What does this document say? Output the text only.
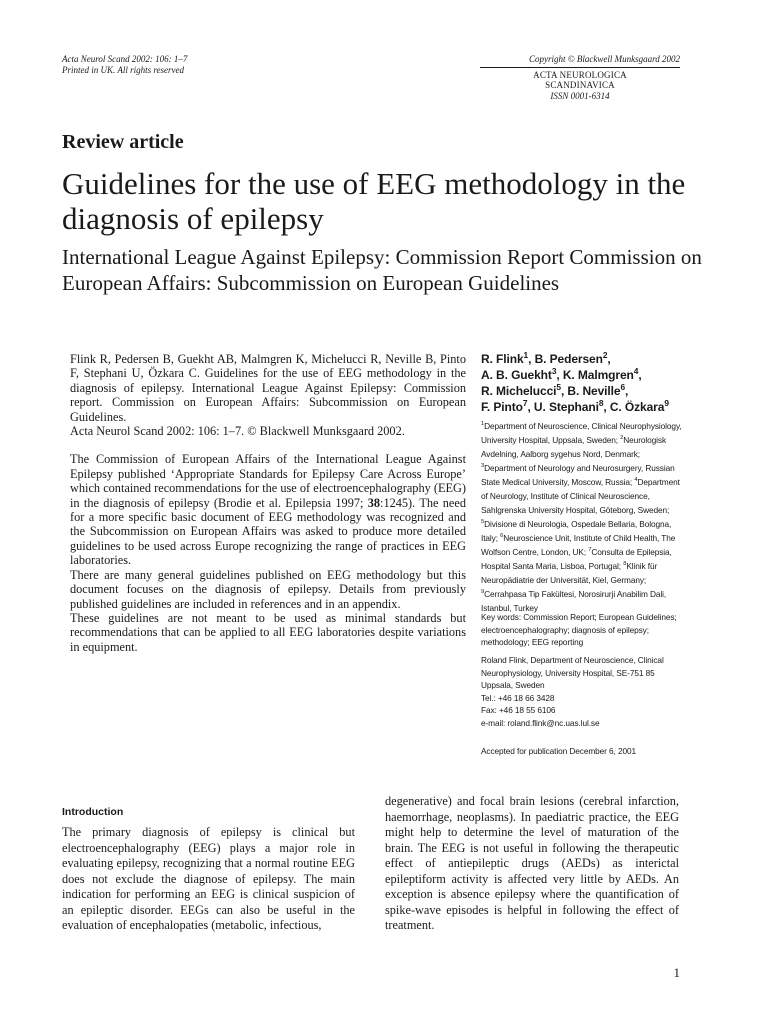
Acta Neurol Scand 2002: 106: 1–7
Printed in UK. All rights reserved
Copyright © Blackwell Munksgaard 2002
ACTA NEUROLOGICA
SCANDINAVICA
ISSN 0001-6314
Review article
Guidelines for the use of EEG methodology in the diagnosis of epilepsy
International League Against Epilepsy: Commission Report Commission on European Affairs: Subcommission on European Guidelines

Flink R, Pedersen B, Guekht AB, Malmgren K, Michelucci R, Neville B, Pinto F, Stephani U, Özkara C. Guidelines for the use of EEG methodology in the diagnosis of epilepsy. International League Against Epilepsy: Commission report. Commission on European Affairs: Subcommission on European Guidelines.

Acta Neurol Scand 2002: 106: 1–7. © Blackwell Munksgaard 2002.

The Commission of European Affairs of the International League Against Epilepsy published ‘Appropriate Standards for Epilepsy Care Across Europe’ which contained recommendations for the use of electroencephalography (EEG) in the diagnosis of epilepsy (Brodie et al. Epilepsia 1997; 38:1245). The need for a more specific basic document of EEG methodology was recognized and the Subcommission on European Affairs was asked to produce more detailed guidelines to be used across Europe recognizing the range of practices in EEG laboratories.

There are many general guidelines published on EEG methodology but this document focuses on the diagnosis of epilepsy. Details from previously published guidelines are included in references and in an appendix.

These guidelines are not meant to be used as minimal standards but recommendations that can be applied to all EEG laboratories despite variations in equipment.

R. Flink$^1$, B. Pedersen$^2$,
A. B. Guekht$^3$, K. Malmgren$^4$,
R. Michelucci$^5$, B. Neville$^6$,
F. Pinto$^7$, U. Stephani$^8$, C. Özkara$^9$
$^1$Department of Neuroscience, Clinical Neurophysiology, University Hospital, Uppsala, Sweden; $^2$Neurologisk Avdelning, Aalborg sygehus Nord, Denmark; $^3$Department of Neurology and Neurosurgery, Russian State Medical University, Moscow, Russia; $^4$Department of Neurology, Institute of Clinical Neuroscience, Sahlgrenska University Hospital, Göteborg, Sweden; $^5$Divisione di Neurologia, Ospedale Bellaria, Bologna, Italy; $^6$Neuroscience Unit, Institute of Child Health, The Wolfson Centre, London, UK; $^7$Consulta de Epilepsia, Hospital Santa Maria, Lisboa, Portugal; $^8$Klinik für Neuropädiatrie der Universität, Kiel, Germany; $^9$Cerrahpasa Tip Fakültesi, Norosirurji Anabilim Dali, Istanbul, Turkey
Key words: Commission Report; European Guidelines; electroencephalography; diagnosis of epilepsy; methodology; EEG reporting
Roland Flink, Department of Neuroscience, Clinical Neurophysiology, University Hospital, SE-751 85
Uppsala, Sweden
Tel.: +46 18 66 3428
Fax: +46 18 55 6106
e-mail: roland.flink@nc.uas.lul.se
Accepted for publication December 6, 2001
Introduction

The primary diagnosis of epilepsy is clinical but electroencephalography (EEG) plays a major role in evaluating epilepsy, recognizing that a normal routine EEG does not exclude the diagnose of epilepsy. The main indication for performing an EEG is clinical suspicion of an epileptic disorder. EEGs can also be useful in the evaluation of encephalopaties (metabolic, infectious,

degenerative) and focal brain lesions (cerebral infarction, haemorrhage, neoplasms). In paediatric practice, the EEG might help to determine the level of maturation of the brain. The EEG is not useful in following the therapeutic effect of antiepileptic drugs (AEDs) as interictal epileptiform activity is affected very little by AEDs. An exception is absence epilepsy where the quantification of spike-wave episodes is helpful in following the effect of treatment.

1
